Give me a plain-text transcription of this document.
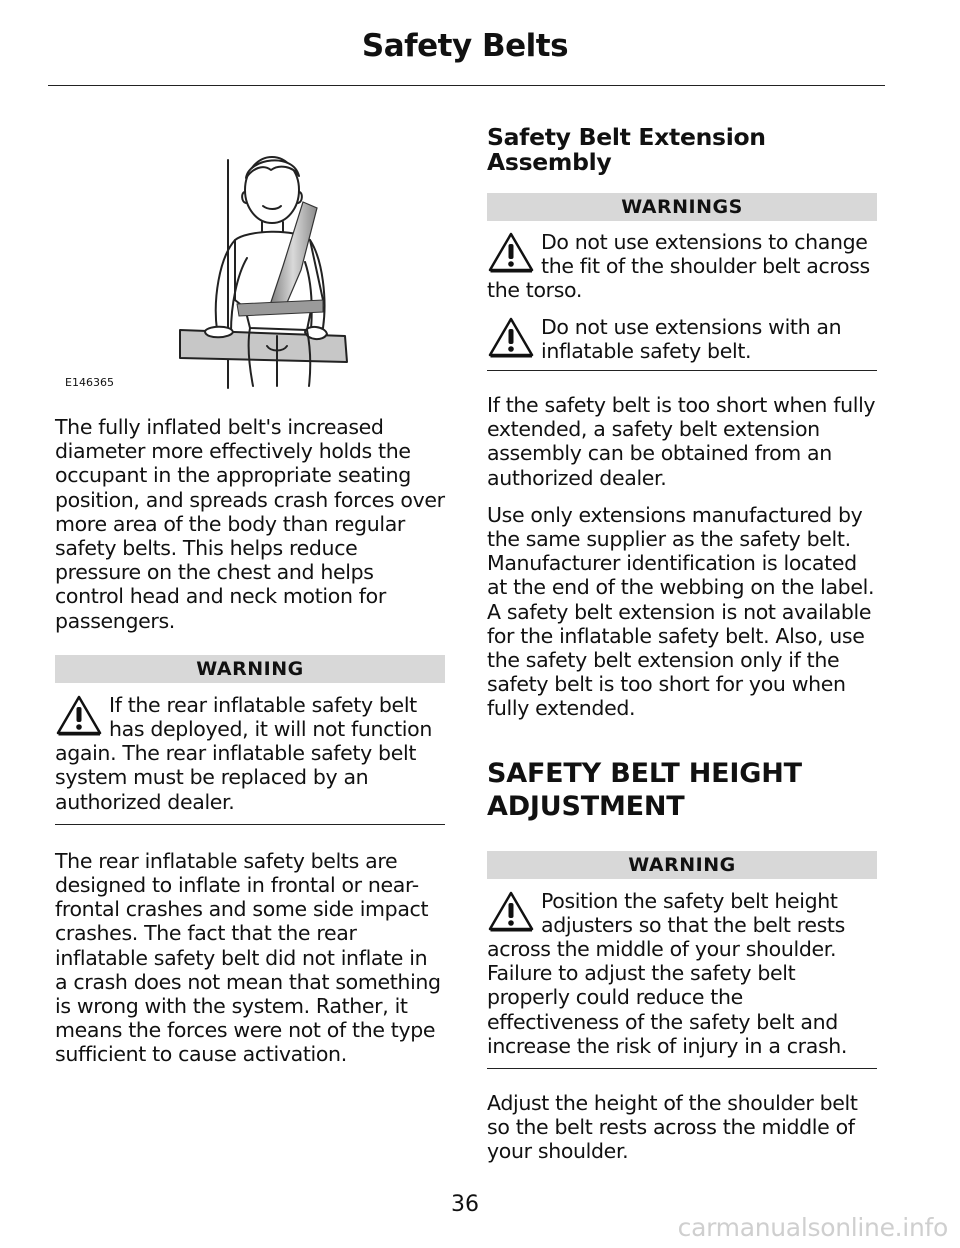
Safety Belts
E146365

The fully inflated belt's increased diameter more effectively holds the occupant in the appropriate seating position, and spreads crash forces over more area of the body than regular safety belts. This helps reduce pressure on the chest and helps control head and neck motion for passengers.

WARNING

If the rear inflatable safety belt has deployed, it will not function again. The rear inflatable safety belt system must be replaced by an authorized dealer.

The rear inflatable safety belts are designed to inflate in frontal or near-frontal crashes and some side impact crashes. The fact that the rear inflatable safety belt did not inflate in a crash does not mean that something is wrong with the system. Rather, it means the forces were not of the type sufficient to cause activation.

Safety Belt Extension Assembly
WARNINGS

Do not use extensions to change the fit of the shoulder belt across the torso.

Do not use extensions with an inflatable safety belt.

If the safety belt is too short when fully extended, a safety belt extension assembly can be obtained from an authorized dealer.

Use only extensions manufactured by the same supplier as the safety belt. Manufacturer identification is located at the end of the webbing on the label. A safety belt extension is not available for the inflatable safety belt. Also, use the safety belt extension only if the safety belt is too short for you when fully extended.

SAFETY BELT HEIGHT ADJUSTMENT
WARNING

Position the safety belt height adjusters so that the belt rests across the middle of your shoulder. Failure to adjust the safety belt properly could reduce the effectiveness of the safety belt and increase the risk of injury in a crash.

Adjust the height of the shoulder belt so the belt rests across the middle of your shoulder.

36
carmanualsonline.info
